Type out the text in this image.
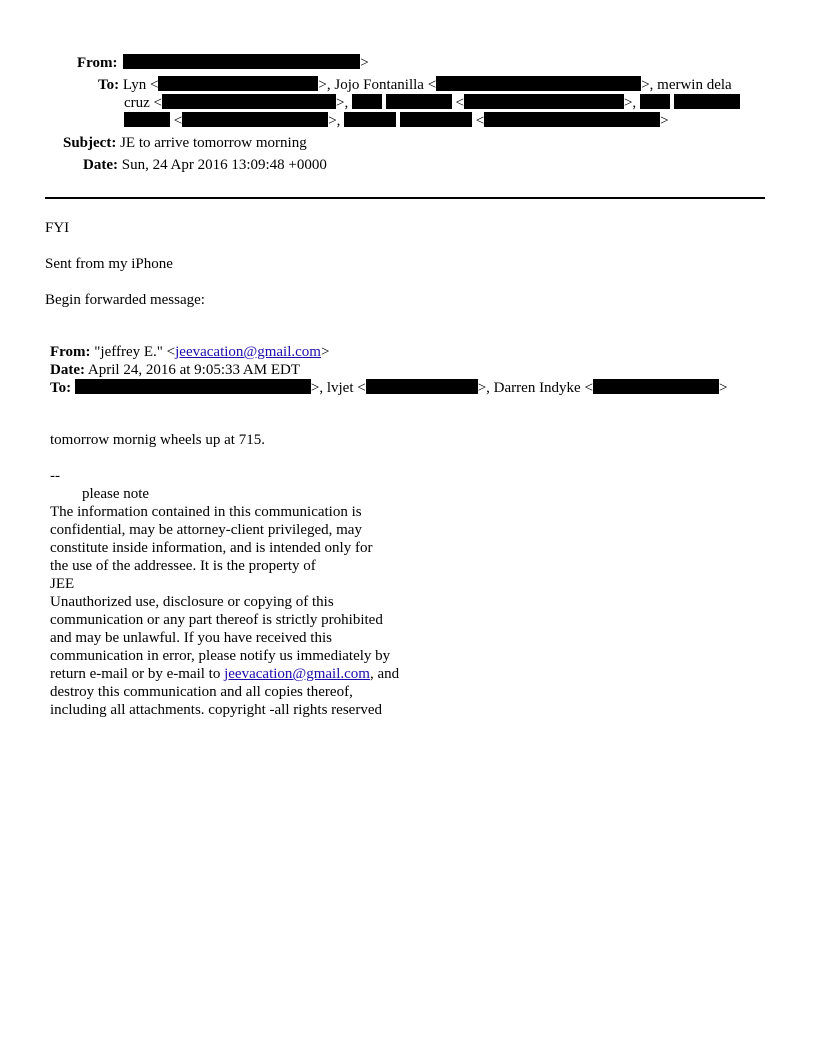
From:	>
To: Lyn <	>, Jojo Fontanilla <	>, merwin dela
cruz <	>,	<	>,
<	>,	<	>
Subject: JE to arrive tomorrow morning
Date: Sun, 24 Apr 2016 13:09:48 +0000
FYI
Sent from my iPhone
Begin forwarded message:
From: "jeffrey E." <jeevacation@gmail.com>
Date: April 24, 2016 at 9:05:33 AM EDT
To:	>, lvjet <	>, Darren Indyke <	>
tomorrow mornig wheels up at 715.
--
please note
The information contained in this communication is
confidential, may be attorney-client privileged, may
constitute inside information, and is intended only for
the use of the addressee. It is the property of
JEE
Unauthorized use, disclosure or copying of this
communication or any part thereof is strictly prohibited
and may be unlawful. If you have received this
communication in error, please notify us immediately by
return e-mail or by e-mail to jeevacation@gmail.com, and
destroy this communication and all copies thereof,
including all attachments. copyright -all rights reserved
